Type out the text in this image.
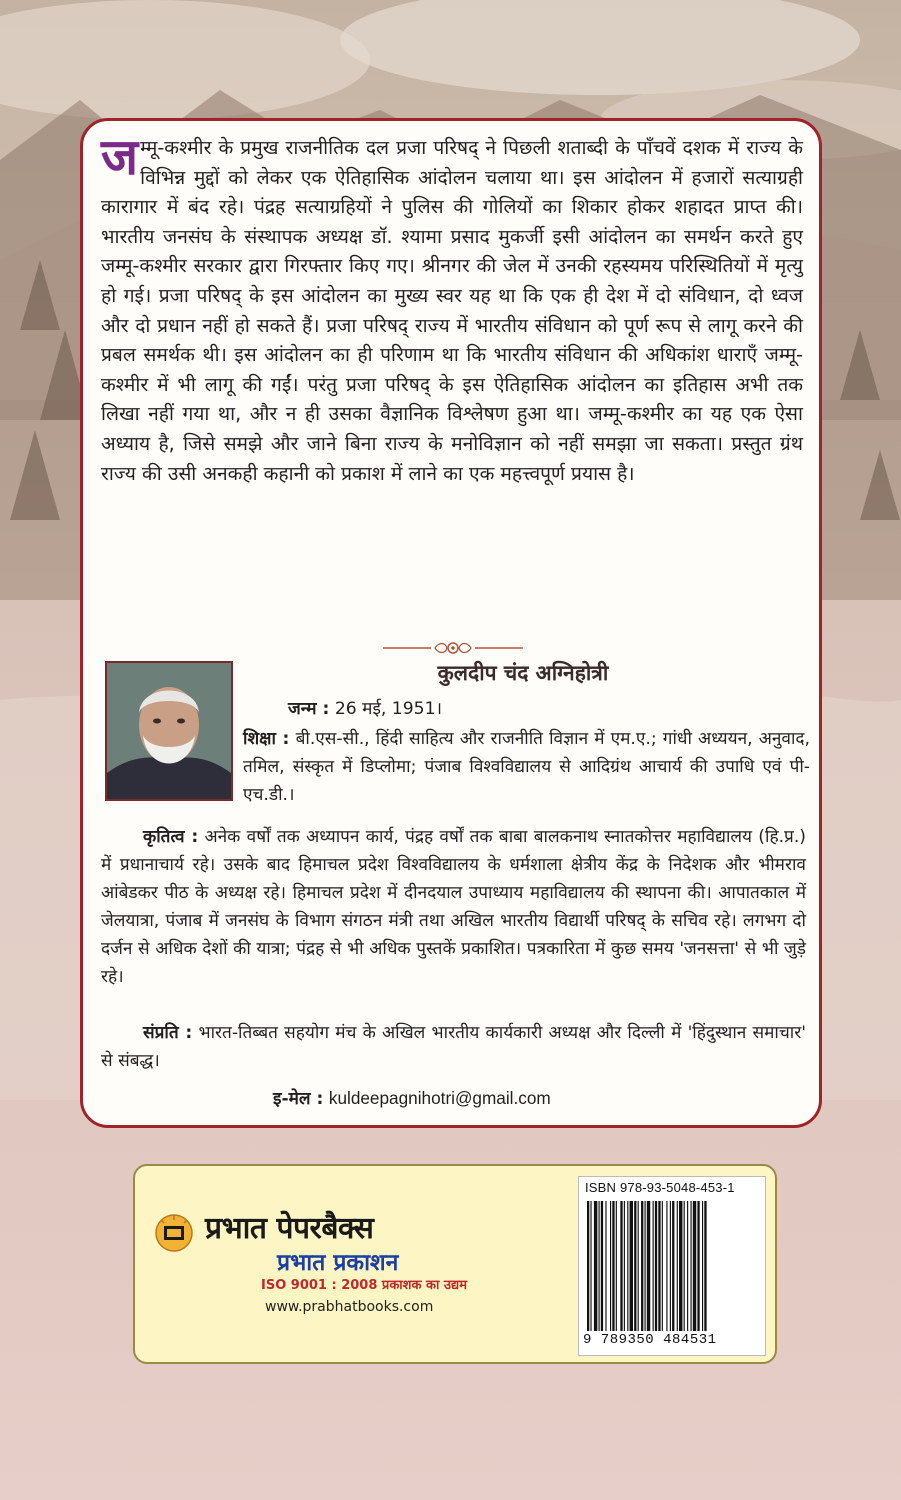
जम्मू-कश्मीर के प्रमुख राजनीतिक दल प्रजा परिषद् ने पिछली शताब्दी के पाँचवें दशक में राज्य के विभिन्न मुद्दों को लेकर एक ऐतिहासिक आंदोलन चलाया था। इस आंदोलन में हजारों सत्याग्रही कारागार में बंद रहे। पंद्रह सत्याग्रहियों ने पुलिस की गोलियों का शिकार होकर शहादत प्राप्त की। भारतीय जनसंघ के संस्थापक अध्यक्ष डॉ. श्यामा प्रसाद मुकर्जी इसी आंदोलन का समर्थन करते हुए जम्मू-कश्मीर सरकार द्वारा गिरफ्तार किए गए। श्रीनगर की जेल में उनकी रहस्यमय परिस्थितियों में मृत्यु हो गई। प्रजा परिषद् के इस आंदोलन का मुख्य स्वर यह था कि एक ही देश में दो संविधान, दो ध्वज और दो प्रधान नहीं हो सकते हैं। प्रजा परिषद् राज्य में भारतीय संविधान को पूर्ण रूप से लागू करने की प्रबल समर्थक थी। इस आंदोलन का ही परिणाम था कि भारतीय संविधान की अधिकांश धाराएँ जम्मू-कश्मीर में भी लागू की गईं। परंतु प्रजा परिषद् के इस ऐतिहासिक आंदोलन का इतिहास अभी तक लिखा नहीं गया था, और न ही उसका वैज्ञानिक विश्लेषण हुआ था। जम्मू-कश्मीर का यह एक ऐसा अध्याय है, जिसे समझे और जाने बिना राज्य के मनोविज्ञान को नहीं समझा जा सकता। प्रस्तुत ग्रंथ राज्य की उसी अनकही कहानी को प्रकाश में लाने का एक महत्त्वपूर्ण प्रयास है।
कुलदीप चंद अग्निहोत्री
जन्म : 26 मई, 1951।
शिक्षा : बी.एस-सी., हिंदी साहित्य और राजनीति विज्ञान में एम.ए.; गांधी अध्ययन, अनुवाद, तमिल, संस्कृत में डिप्लोमा; पंजाब विश्वविद्यालय से आदिग्रंथ आचार्य की उपाधि एवं पी-एच.डी.।
कृतित्व : अनेक वर्षों तक अध्यापन कार्य, पंद्रह वर्षों तक बाबा बालकनाथ स्नातकोत्तर महाविद्यालय (हि.प्र.) में प्रधानाचार्य रहे। उसके बाद हिमाचल प्रदेश विश्वविद्यालय के धर्मशाला क्षेत्रीय केंद्र के निदेशक और भीमराव आंबेडकर पीठ के अध्यक्ष रहे। हिमाचल प्रदेश में दीनदयाल उपाध्याय महाविद्यालय की स्थापना की। आपातकाल में जेलयात्रा, पंजाब में जनसंघ के विभाग संगठन मंत्री तथा अखिल भारतीय विद्यार्थी परिषद् के सचिव रहे। लगभग दो दर्जन से अधिक देशों की यात्रा; पंद्रह से भी अधिक पुस्तकें प्रकाशित। पत्रकारिता में कुछ समय 'जनसत्ता' से भी जुड़े रहे।
संप्रति : भारत-तिब्बत सहयोग मंच के अखिल भारतीय कार्यकारी अध्यक्ष और दिल्ली में 'हिंदुस्थान समाचार' से संबद्ध।
इ-मेल : kuldeepagnihotri@gmail.com
प्रभात पेपरबैक्स
प्रभात प्रकाशन
ISO 9001 : 2008 प्रकाशक का उद्यम
www.prabhatbooks.com
ISBN 978-93-5048-453-1
9 789350 484531
